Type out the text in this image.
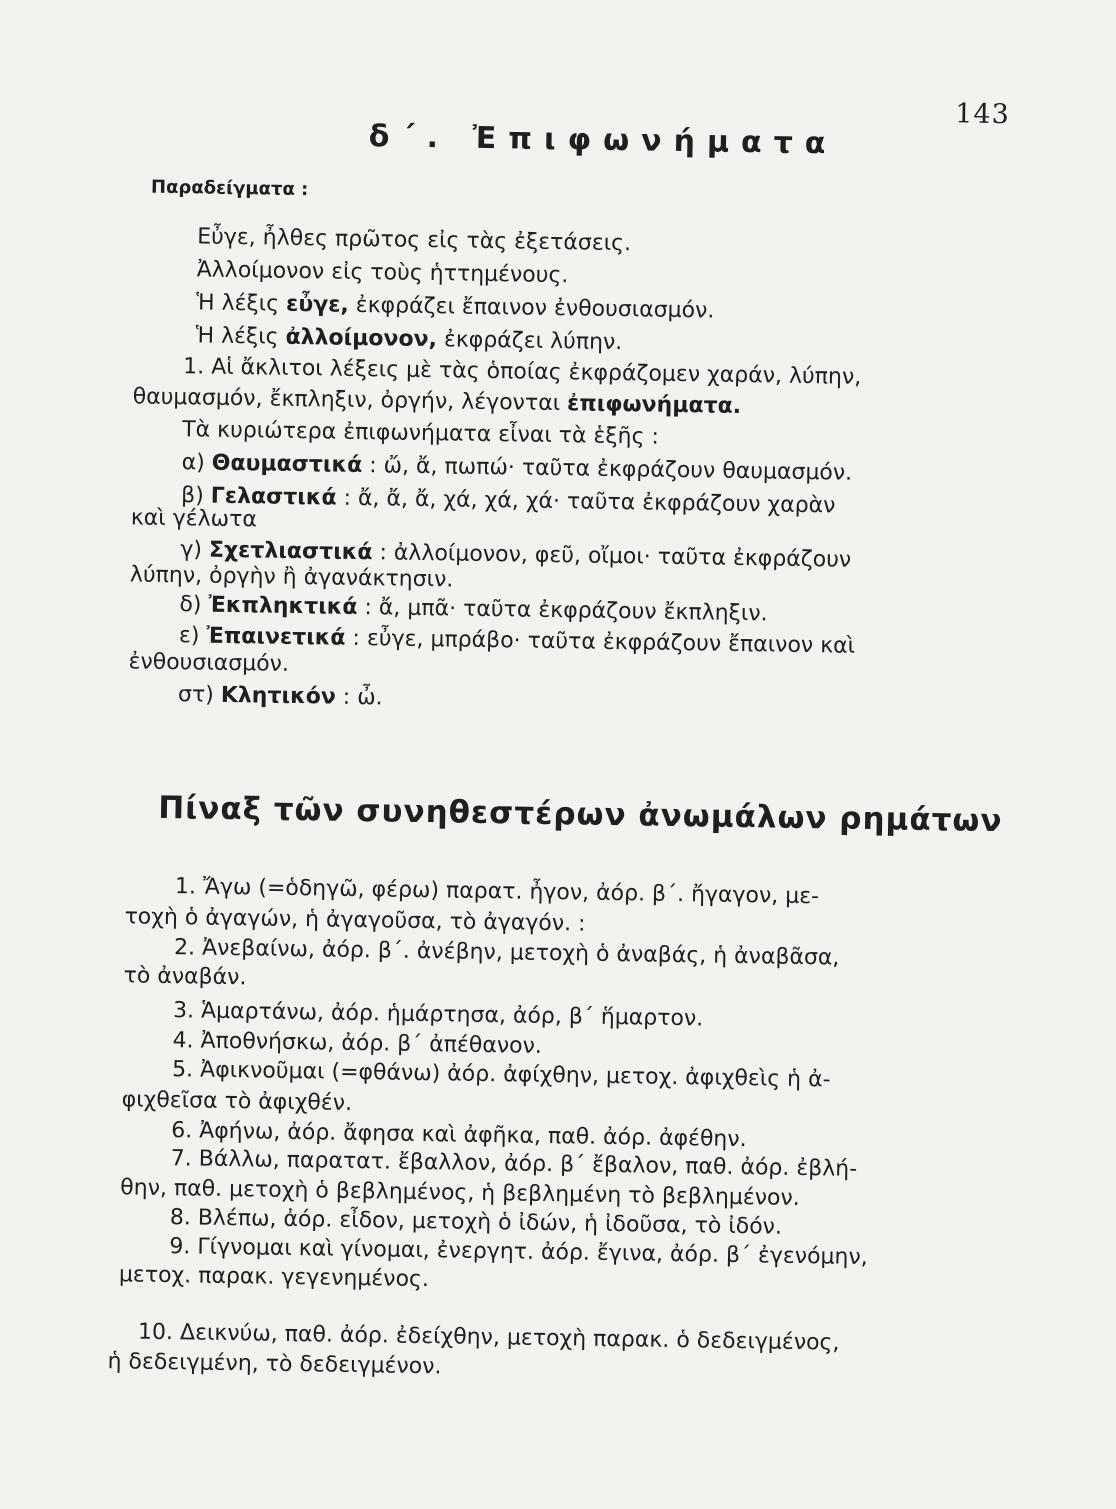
143
δ΄. Ἐπιφωνήματα
Παραδείγματα :
Εὖγε, ἦλθες πρῶτος εἰς τὰς ἐξετάσεις.
Ἀλλοίμονον εἰς τοὺς ἡττημένους.
Ἡ λέξις εὖγε, ἐκφράζει ἔπαινον ἐνθουσιασμόν.
Ἡ λέξις ἀλλοίμονον, ἐκφράζει λύπην.
1. Αἱ ἄκλιτοι λέξεις μὲ τὰς ὁποίας ἐκφράζομεν χαράν, λύπην,
θαυμασμόν, ἔκπληξιν, ὀργήν, λέγονται ἐπιφωνήματα.
Τὰ κυριώτερα ἐπιφωνήματα εἶναι τὰ ἑξῆς :
α) Θαυμαστικά : ὤ, ἄ, πωπώ· ταῦτα ἐκφράζουν θαυμασμόν.
β) Γελαστικά : ἄ, ἄ, ἄ, χά, χά, χά· ταῦτα ἐκφράζουν χαρὰν
καὶ γέλωτα
γ) Σχετλιαστικά : ἀλλοίμονον, φεῦ, οἴμοι· ταῦτα ἐκφράζουν
λύπην, ὀργὴν ἢ ἀγανάκτησιν.
δ) Ἐκπληκτικά : ἄ, μπᾶ· ταῦτα ἐκφράζουν ἔκπληξιν.
ε) Ἐπαινετικά : εὖγε, μπράβο· ταῦτα ἐκφράζουν ἔπαινον καὶ
ἐνθουσιασμόν.
στ) Κλητικόν : ὦ.
Πίναξ τῶν συνηθεστέρων ἀνωμάλων ρημάτων
1. Ἄγω (=ὁδηγῶ, φέρω) παρατ. ἦγον, ἀόρ. β΄. ἤγαγον, με-
τοχὴ ὁ ἀγαγών, ἡ ἀγαγοῦσα, τὸ ἀγαγόν. :
2. Ἀνεβαίνω, ἀόρ. β΄. ἀνέβην, μετοχὴ ὁ ἀναβάς, ἡ ἀναβᾶσα,
τὸ ἀναβάν.
3. Ἁμαρτάνω, ἀόρ. ἡμάρτησα, ἀόρ, β΄ ἥμαρτον.
4. Ἀποθνήσκω, ἀόρ. β΄ ἀπέθανον.
5. Ἀφικνοῦμαι (=φθάνω) ἀόρ. ἀφίχθην, μετοχ. ἀφιχθεὶς ἡ ἀ-
φιχθεῖσα τὸ ἀφιχθέν.
6. Ἀφήνω, ἀόρ. ἄφησα καὶ ἀφῆκα, παθ. ἀόρ. ἀφέθην.
7. Βάλλω, παρατατ. ἔβαλλον, ἀόρ. β΄ ἔβαλον, παθ. ἀόρ. ἐβλή-
θην, παθ. μετοχὴ ὁ βεβλημένος, ἡ βεβλημένη τὸ βεβλημένον.
8. Βλέπω, ἀόρ. εἶδον, μετοχὴ ὁ ἰδών, ἡ ἰδοῦσα, τὸ ἰδόν.
9. Γίγνομαι καὶ γίνομαι, ἐνεργητ. ἀόρ. ἔγινα, ἀόρ. β΄ ἐγενόμην,
μετοχ. παρακ. γεγενημένος.
10. Δεικνύω, παθ. ἀόρ. ἐδείχθην, μετοχὴ παρακ. ὁ δεδειγμένος,
ἡ δεδειγμένη, τὸ δεδειγμένον.
